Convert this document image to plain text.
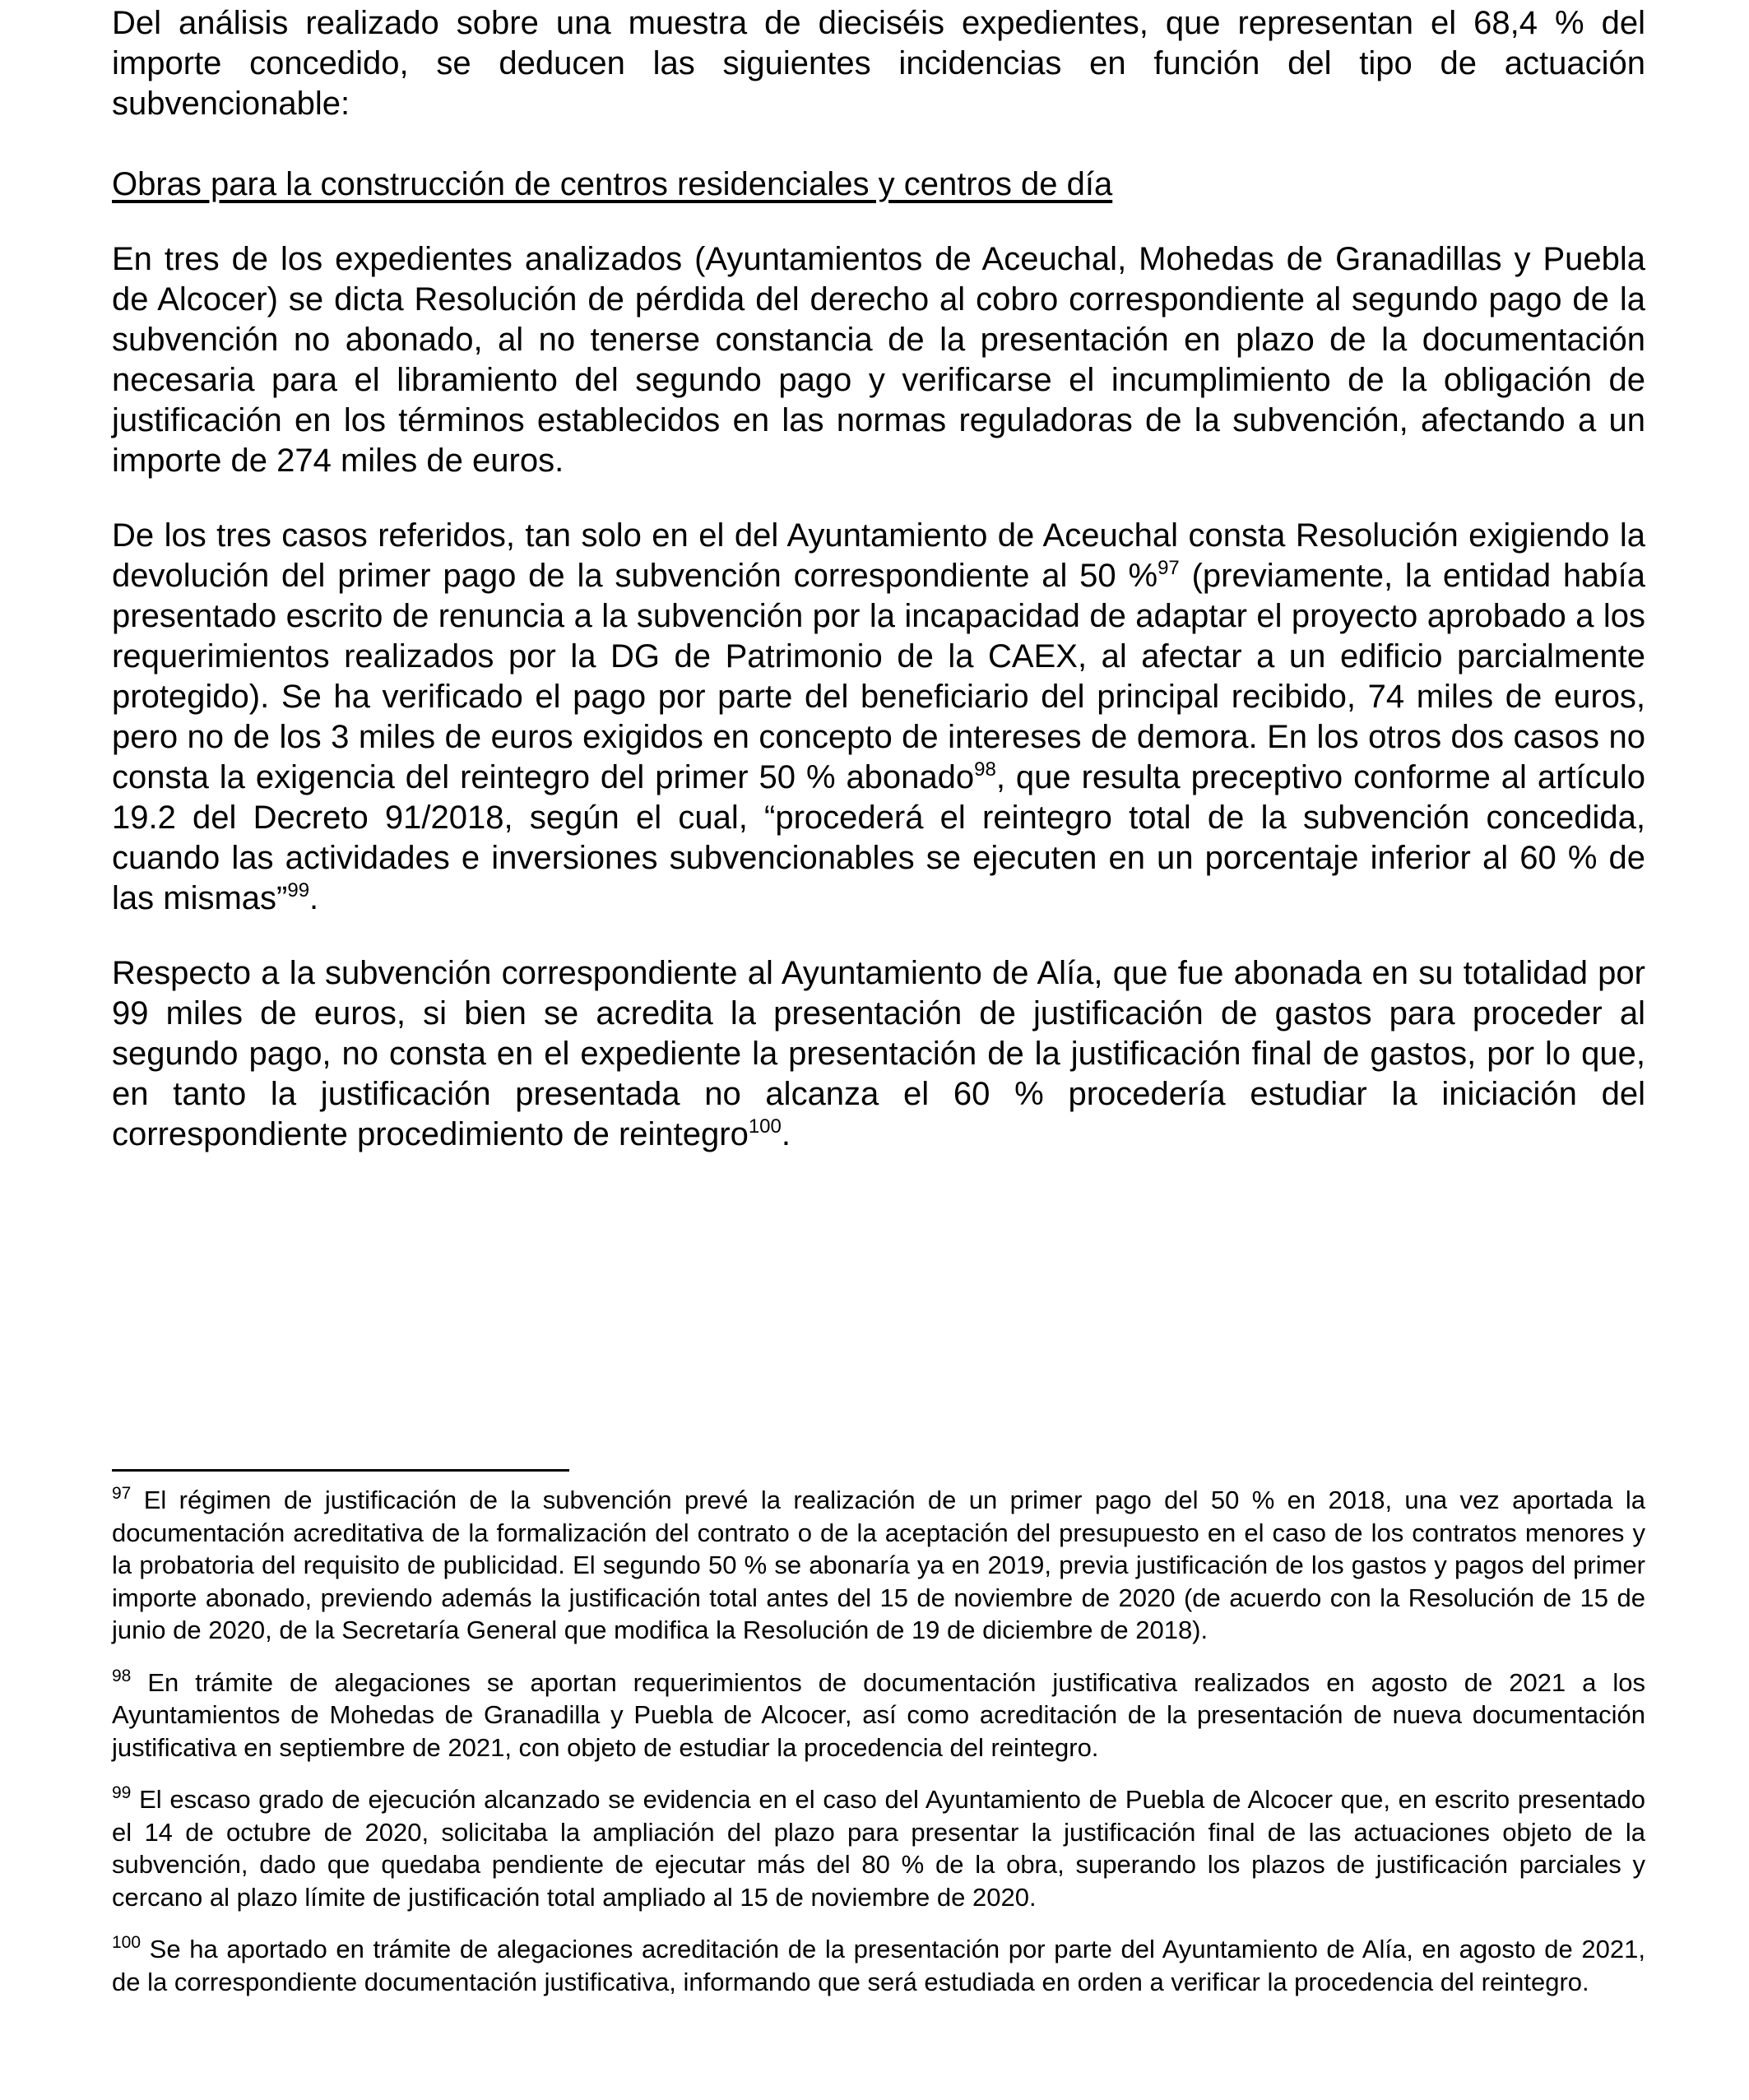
Del análisis realizado sobre una muestra de dieciséis expedientes, que representan el 68,4 % del importe concedido, se deducen las siguientes incidencias en función del tipo de actuación subvencionable:

Obras para la construcción de centros residenciales y centros de día

En tres de los expedientes analizados (Ayuntamientos de Aceuchal, Mohedas de Granadillas y Puebla de Alcocer) se dicta Resolución de pérdida del derecho al cobro correspondiente al segundo pago de la subvención no abonado, al no tenerse constancia de la presentación en plazo de la documentación necesaria para el libramiento del segundo pago y verificarse el incumplimiento de la obligación de justificación en los términos establecidos en las normas reguladoras de la subvención, afectando a un importe de 274 miles de euros.

De los tres casos referidos, tan solo en el del Ayuntamiento de Aceuchal consta Resolución exigiendo la devolución del primer pago de la subvención correspondiente al 50 %$^{97}$ (previamente, la entidad había presentado escrito de renuncia a la subvención por la incapacidad de adaptar el proyecto aprobado a los requerimientos realizados por la DG de Patrimonio de la CAEX, al afectar a un edificio parcialmente protegido). Se ha verificado el pago por parte del beneficiario del principal recibido, 74 miles de euros, pero no de los 3 miles de euros exigidos en concepto de intereses de demora. En los otros dos casos no consta la exigencia del reintegro del primer 50 % abonado$^{98}$, que resulta preceptivo conforme al artículo 19.2 del Decreto 91/2018, según el cual, “procederá el reintegro total de la subvención concedida, cuando las actividades e inversiones subvencionables se ejecuten en un porcentaje inferior al 60 % de las mismas”$^{99}$.

Respecto a la subvención correspondiente al Ayuntamiento de Alía, que fue abonada en su totalidad por 99 miles de euros, si bien se acredita la presentación de justificación de gastos para proceder al segundo pago, no consta en el expediente la presentación de la justificación final de gastos, por lo que, en tanto la justificación presentada no alcanza el 60 % procedería estudiar la iniciación del correspondiente procedimiento de reintegro$^{100}$.

$^{97}$ El régimen de justificación de la subvención prevé la realización de un primer pago del 50 % en 2018, una vez aportada la documentación acreditativa de la formalización del contrato o de la aceptación del presupuesto en el caso de los contratos menores y la probatoria del requisito de publicidad. El segundo 50 % se abonaría ya en 2019, previa justificación de los gastos y pagos del primer importe abonado, previendo además la justificación total antes del 15 de noviembre de 2020 (de acuerdo con la Resolución de 15 de junio de 2020, de la Secretaría General que modifica la Resolución de 19 de diciembre de 2018).

$^{98}$ En trámite de alegaciones se aportan requerimientos de documentación justificativa realizados en agosto de 2021 a los Ayuntamientos de Mohedas de Granadilla y Puebla de Alcocer, así como acreditación de la presentación de nueva documentación justificativa en septiembre de 2021, con objeto de estudiar la procedencia del reintegro.

$^{99}$ El escaso grado de ejecución alcanzado se evidencia en el caso del Ayuntamiento de Puebla de Alcocer que, en escrito presentado el 14 de octubre de 2020, solicitaba la ampliación del plazo para presentar la justificación final de las actuaciones objeto de la subvención, dado que quedaba pendiente de ejecutar más del 80 % de la obra, superando los plazos de justificación parciales y cercano al plazo límite de justificación total ampliado al 15 de noviembre de 2020.

$^{100}$ Se ha aportado en trámite de alegaciones acreditación de la presentación por parte del Ayuntamiento de Alía, en agosto de 2021, de la correspondiente documentación justificativa, informando que será estudiada en orden a verificar la procedencia del reintegro.
